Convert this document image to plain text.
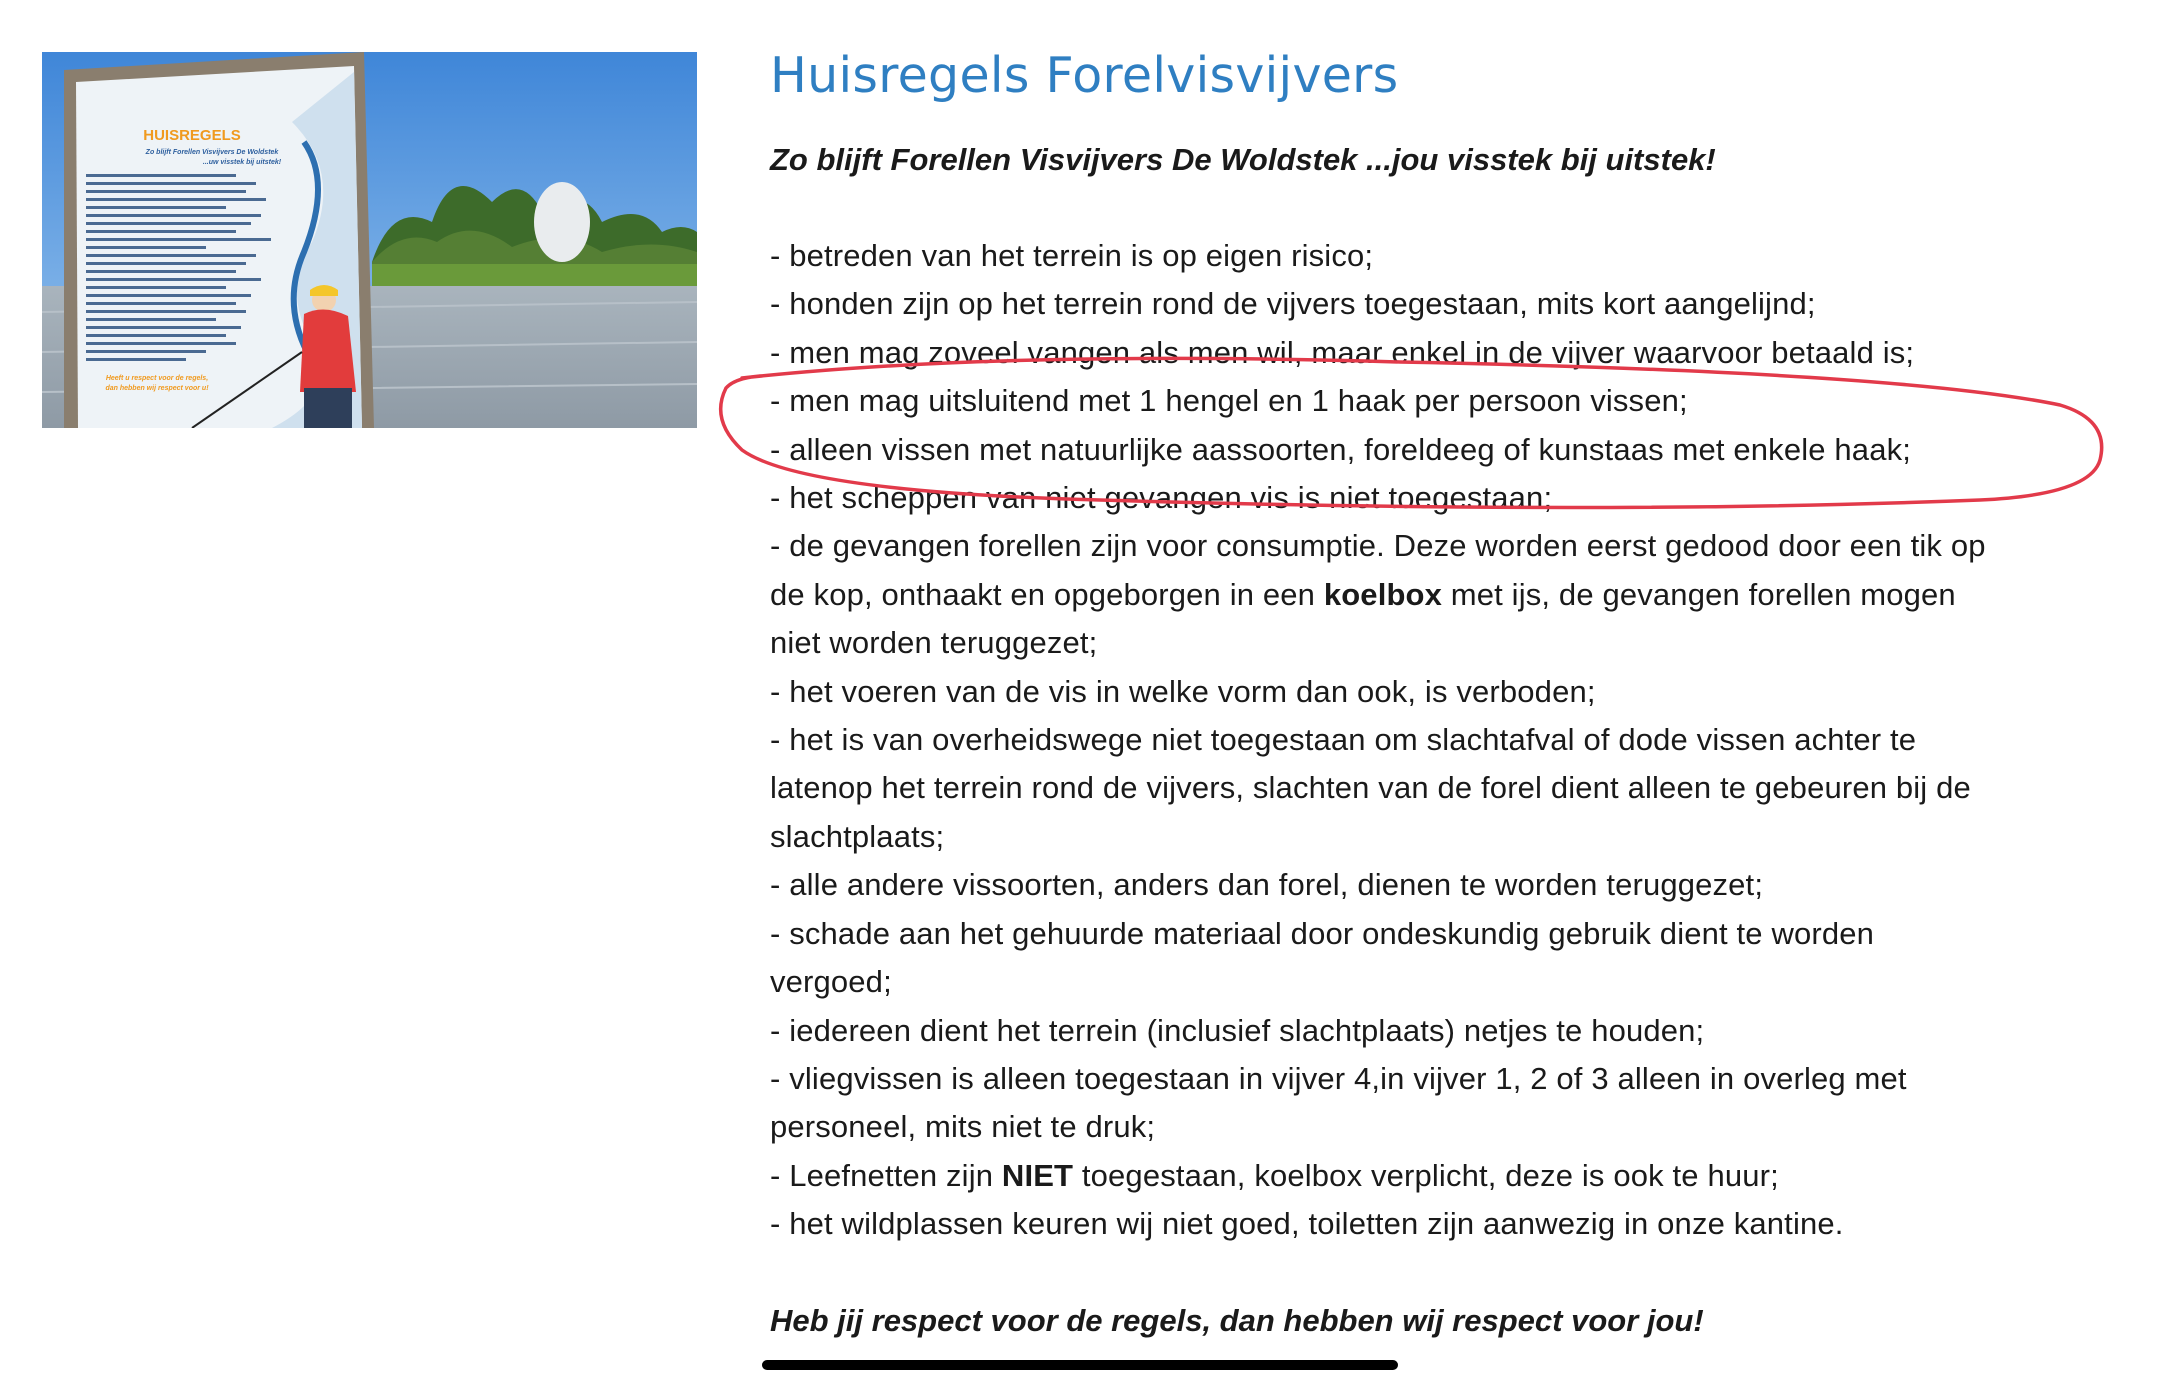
HUISREGELS
Zo blijft Forellen Visvijvers De Woldstek
...uw visstek bij uitstek!
Heeft u respect voor de regels,
dan hebben wij respect voor u!
Huisregels Forelvisvijvers

Zo blijft Forellen Visvijvers De Woldstek ...jou visstek bij uitstek!

- betreden van het terrein is op eigen risico;

- honden zijn op het terrein rond de vijvers toegestaan, mits kort aangelijnd;

- men mag zoveel vangen als men wil, maar enkel in de vijver waarvoor betaald is;

- men mag uitsluitend met 1 hengel en 1 haak per persoon vissen;

- alleen vissen met natuurlijke aassoorten, foreldeeg of kunstaas met enkele haak;

- het scheppen van niet gevangen vis is niet toegestaan;

- de gevangen forellen zijn voor consumptie. Deze worden eerst gedood door een tik op

de kop, onthaakt en opgeborgen in een koelbox met ijs, de gevangen forellen mogen

niet worden teruggezet;

- het voeren van de vis in welke vorm dan ook, is verboden;

- het is van overheidswege niet toegestaan om slachtafval of dode vissen achter te

latenop het terrein rond de vijvers, slachten van de forel dient alleen te gebeuren bij de

slachtplaats;

- alle andere vissoorten, anders dan forel, dienen te worden teruggezet;

- schade aan het gehuurde materiaal door ondeskundig gebruik dient te worden

vergoed;

- iedereen dient het terrein (inclusief slachtplaats) netjes te houden;

- vliegvissen is alleen toegestaan in vijver 4,in vijver 1, 2 of 3 alleen in overleg met

personeel, mits niet te druk;

- Leefnetten zijn NIET toegestaan, koelbox verplicht, deze is ook te huur;

- het wildplassen keuren wij niet goed, toiletten zijn aanwezig in onze kantine.

Heb jij respect voor de regels, dan hebben wij respect voor jou!
